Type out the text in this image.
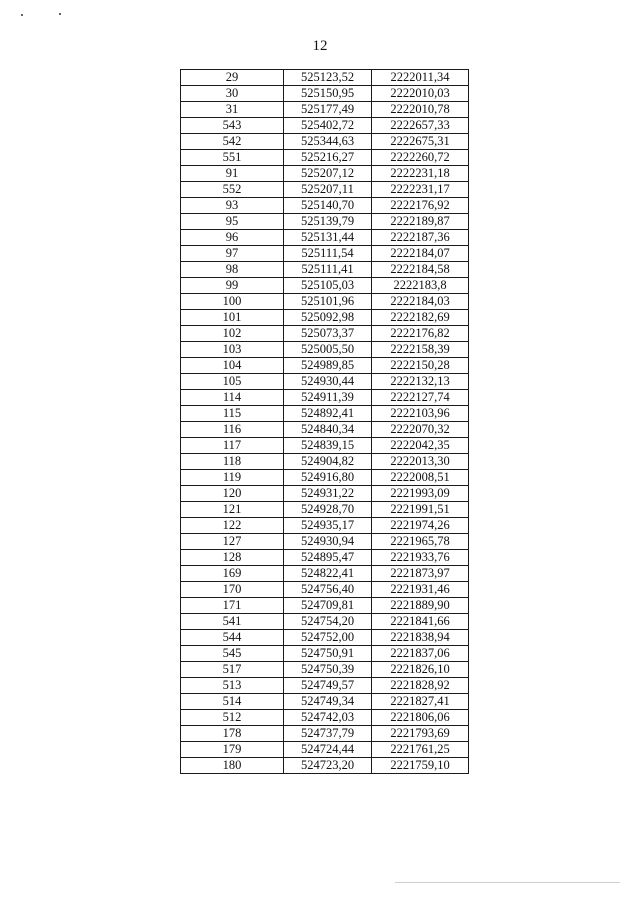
12
29	525123,52	2222011,34
30	525150,95	2222010,03
31	525177,49	2222010,78
543	525402,72	2222657,33
542	525344,63	2222675,31
551	525216,27	2222260,72
91	525207,12	2222231,18
552	525207,11	2222231,17
93	525140,70	2222176,92
95	525139,79	2222189,87
96	525131,44	2222187,36
97	525111,54	2222184,07
98	525111,41	2222184,58
99	525105,03	2222183,8
100	525101,96	2222184,03
101	525092,98	2222182,69
102	525073,37	2222176,82
103	525005,50	2222158,39
104	524989,85	2222150,28
105	524930,44	2222132,13
114	524911,39	2222127,74
115	524892,41	2222103,96
116	524840,34	2222070,32
117	524839,15	2222042,35
118	524904,82	2222013,30
119	524916,80	2222008,51
120	524931,22	2221993,09
121	524928,70	2221991,51
122	524935,17	2221974,26
127	524930,94	2221965,78
128	524895,47	2221933,76
169	524822,41	2221873,97
170	524756,40	2221931,46
171	524709,81	2221889,90
541	524754,20	2221841,66
544	524752,00	2221838,94
545	524750,91	2221837,06
517	524750,39	2221826,10
513	524749,57	2221828,92
514	524749,34	2221827,41
512	524742,03	2221806,06
178	524737,79	2221793,69
179	524724,44	2221761,25
180	524723,20	2221759,10
